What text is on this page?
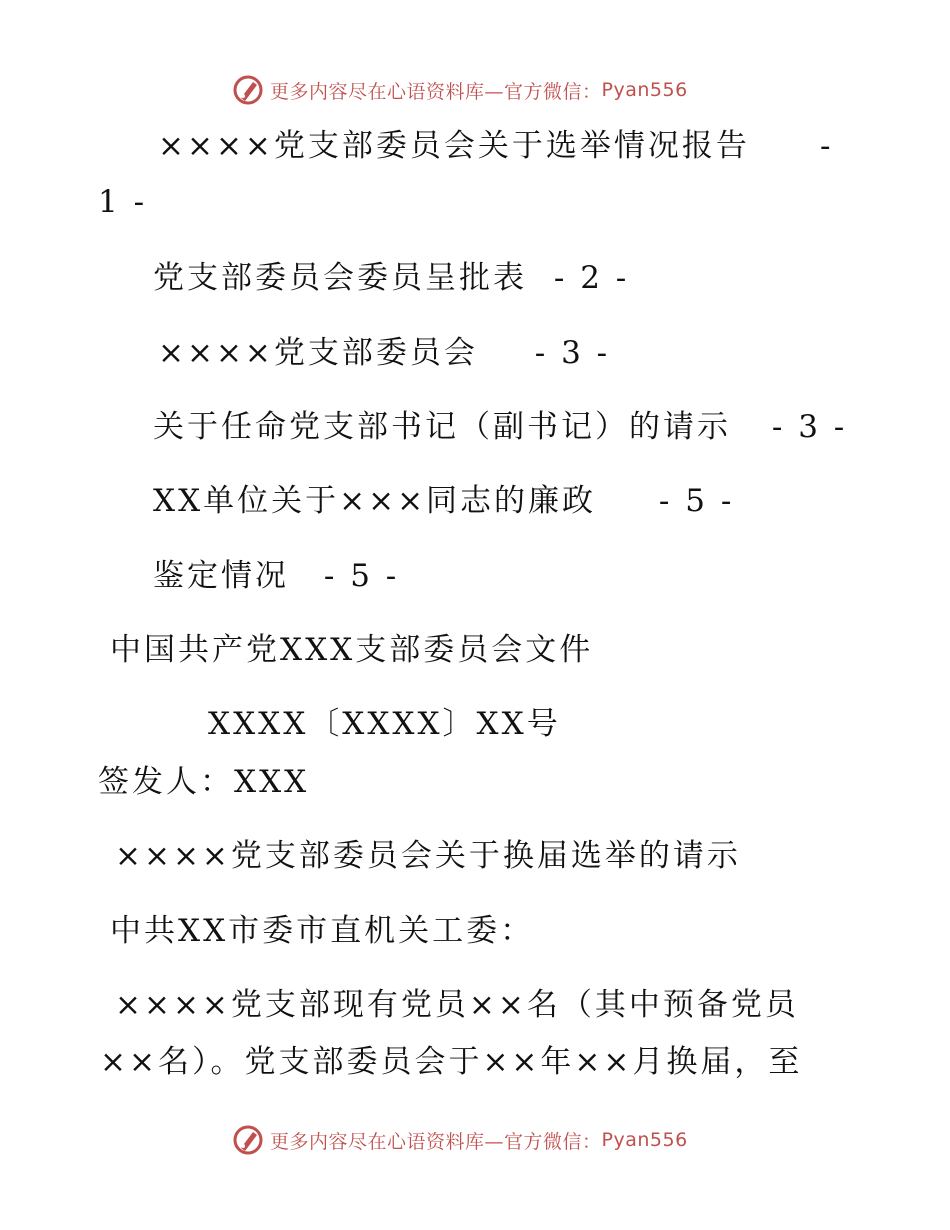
更多内容尽在心语资料库—官方微信： Pyan556
××××党支部委员会关于选举情况报告 -
1 -
党支部委员会委员呈批表 - 2 -
××××党支部委员会 - 3 -
关于任命党支部书记（副书记）的请示 - 3 -
XX单位关于×××同志的廉政 - 5 -
鉴定情况 - 5 -
中国共产党XXX支部委员会文件
XXXX〔XXXX〕XX号
签发人：XXX
××××党支部委员会关于换届选举的请示
中共XX市委市直机关工委：
××××党支部现有党员××名（其中预备党员
××名）。党支部委员会于××年××月换届，至
更多内容尽在心语资料库—官方微信： Pyan556
